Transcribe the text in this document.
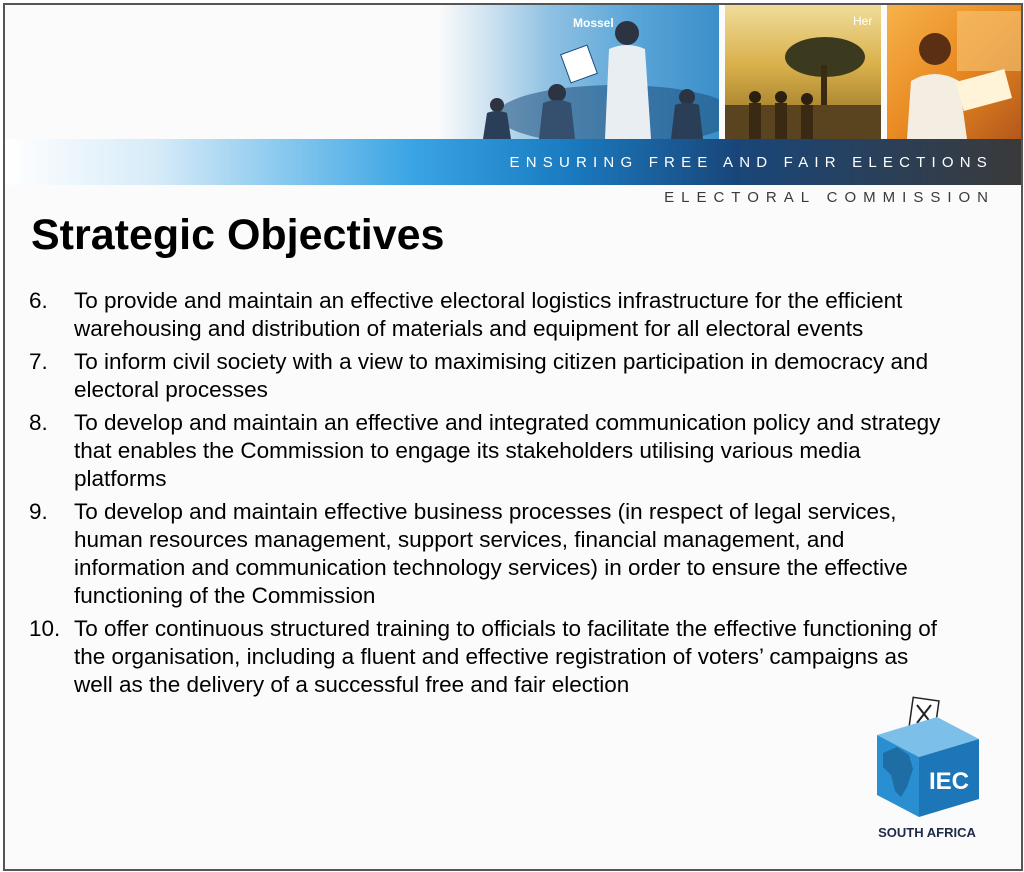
Mossel	Her
ENSURING FREE AND FAIR ELECTIONS
ELECTORAL COMMISSION
Strategic Objectives
6. To provide and maintain an effective electoral logistics infrastructure for the efficient warehousing and distribution of materials and equipment for all electoral events
7. To inform civil society with a view to maximising citizen participation in democracy and electoral processes
8. To develop and maintain an effective and integrated communication policy and strategy that enables the Commission to engage its stakeholders utilising various media platforms
9. To develop and maintain effective business processes (in respect of legal services, human resources management, support services, financial management, and information and communication technology services) in order to ensure the effective functioning of the Commission
10. To offer continuous structured training to officials to facilitate the effective functioning of the organisation, including a fluent and effective registration of voters’ campaigns as well as the delivery of a successful free and fair election
IEC
SOUTH AFRICA
